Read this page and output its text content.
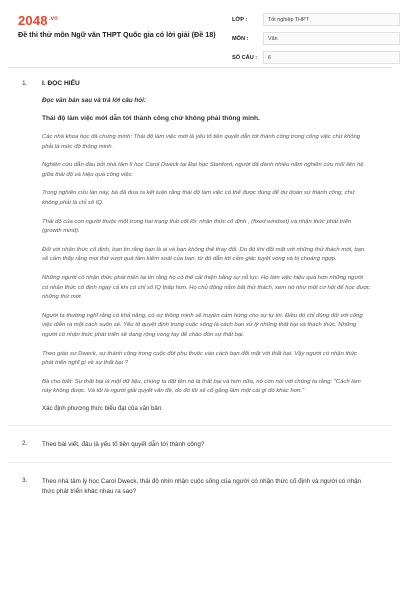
$2048^{.vn}$
Đề thi thử môn Ngữ văn THPT Quốc gia có lời giải (Đề 18)
LỚP :	Tốt nghiệp THPT
MÔN :	Văn
SỐ CÂU :	6
1.	I. ĐỌC HIỂU
Đọc văn bản sau và trả lời câu hỏi:
Thái độ làm việc mới dẫn tới thành công chứ không phải thông minh.

Các nhà khoa học đã chứng minh: Thái độ làm việc mới là yếu tố tiên quyết dẫn tới thành công trong công việc chứ không phải là mức độ thông minh.

Nghiên cứu dẫn đầu bởi nhà tâm lí học Carol Dweck tại Đại học Stanford, người đã dành nhiều năm nghiên cứu mối liên hệ giữa thái độ và hiệu quả công việc.

Trong nghiên cứu lần này, bà đã đưa ra kết luận rằng thái độ làm việc có thể được dùng để dự đoán sự thành công, chứ không phải là chỉ số IQ.

Thái độ của con người thuộc một trong hai trạng thái cốt lõi: nhận thức cố định , (fixed windset) và nhận thức phát triển (growth mind).

Đối với nhận thức cố định, bạn tin rằng bạn là ai và bạn không thể thay đổi. Do đó khi đối mặt với những thử thách mới, bạn sẽ cảm thấy rằng mọi thứ vượt quá tầm kiểm soát của bạn, từ đó dẫn tới cảm giác tuyệt vọng và bị choáng ngợp.

Những người có nhận thức phát triển lại tin rằng họ có thể cải thiện bằng sự nỗ lực. Họ làm việc hiệu quả hơn những người có nhận thức cố định ngay cả khi có chỉ số IQ thấp hơn. Họ chủ động nắm bắt thử thách, xem nó như một cơ hội để học được những thứ mới.

Người ta thường nghĩ rằng có khả năng, có sự thông minh sẽ truyền cảm hứng cho sự tự tin. Điều đó chỉ đúng đối với công việc diễn ra một cách suôn sẻ. Yếu tố quyết định trong cuộc sống là cách bạn xử lý những thất bại và thách thức. Những người có nhận thức phát triển sẽ dang rộng vòng tay để chào đón sự thất bại.

Theo giáo sư Dweck, sự thành công trong cuộc đời phụ thuộc vào cách bạn đối mặt với thất bại. Vậy người có nhận thức phát triển nghĩ gì về sự thất bại ?

Bà cho biết: Sự thất bại là một dữ liệu, chúng ta đặt tên nó là thất bại và hơn nữa, nó còn nói với chúng ta rằng: "Cách làm này không được. Và tôi là người giải quyết vấn đề, do đó tôi sẽ cố gắng làm một cái gì đó khác hơn."

Xác định phương thức biểu đạt của văn bản.
2.	Theo bài viết, đâu là yếu tố tiên quyết dẫn tới thành công?
3.	Theo nhà tâm lý học Carol Dweck, thái độ nhìn nhận cuộc sống của người có nhận thức cố định và người có nhận thức phát triển khác nhau ra sao?
